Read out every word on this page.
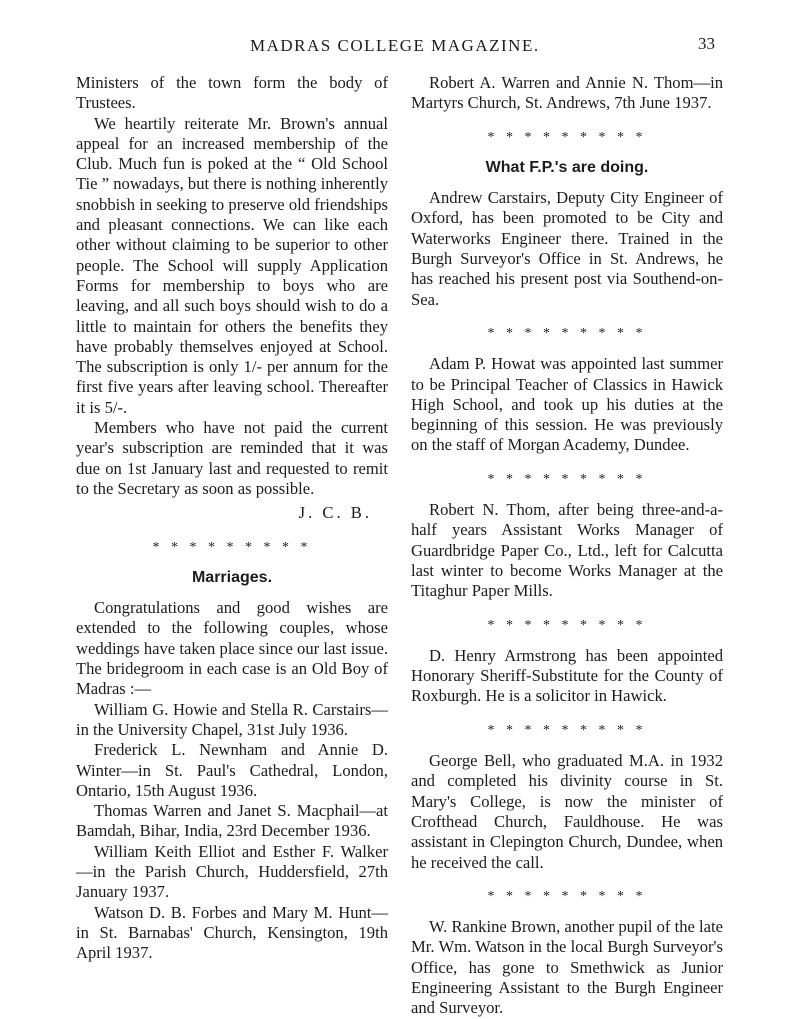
MADRAS COLLEGE MAGAZINE.	33

Ministers of the town form the body of Trustees.

We heartily reiterate Mr. Brown's annual appeal for an increased membership of the Club. Much fun is poked at the “ Old School Tie ” nowadays, but there is nothing inherently snobbish in seeking to preserve old friendships and pleasant connections. We can like each other without claiming to be superior to other people. The School will supply Application Forms for membership to boys who are leaving, and all such boys should wish to do a little to maintain for others the benefits they have probably themselves enjoyed at School. The subscription is only 1/- per annum for the first five years after leaving school. Thereafter it is 5/-.

Members who have not paid the current year's subscription are reminded that it was due on 1st January last and requested to remit to the Secretary as soon as possible.

J. C. B.
* * * * * * * * *
Marriages.

Congratulations and good wishes are extended to the following couples, whose weddings have taken place since our last issue. The bridegroom in each case is an Old Boy of Madras :—

William G. Howie and Stella R. Carstairs—in the University Chapel, 31st July 1936.

Frederick L. Newnham and Annie D. Winter—in St. Paul's Cathedral, London, Ontario, 15th August 1936.

Thomas Warren and Janet S. Macphail—at Bamdah, Bihar, India, 23rd December 1936.

William Keith Elliot and Esther F. Walker—in the Parish Church, Huddersfield, 27th January 1937.

Watson D. B. Forbes and Mary M. Hunt—in St. Barnabas' Church, Kensington, 19th April 1937.

Robert A. Warren and Annie N. Thom—in Martyrs Church, St. Andrews, 7th June 1937.

* * * * * * * * *
What F.P.'s are doing.

Andrew Carstairs, Deputy City Engineer of Oxford, has been promoted to be City and Waterworks Engineer there. Trained in the Burgh Surveyor's Office in St. Andrews, he has reached his present post via Southend-on-Sea.

* * * * * * * * *

Adam P. Howat was appointed last summer to be Principal Teacher of Classics in Hawick High School, and took up his duties at the beginning of this session. He was previously on the staff of Morgan Academy, Dundee.

* * * * * * * * *

Robert N. Thom, after being three-and-a-half years Assistant Works Manager of Guardbridge Paper Co., Ltd., left for Calcutta last winter to become Works Manager at the Titaghur Paper Mills.

* * * * * * * * *

D. Henry Armstrong has been appointed Honorary Sheriff-Substitute for the County of Roxburgh. He is a solicitor in Hawick.

* * * * * * * * *

George Bell, who graduated M.A. in 1932 and completed his divinity course in St. Mary's College, is now the minister of Crofthead Church, Fauldhouse. He was assistant in Clepington Church, Dundee, when he received the call.

* * * * * * * * *

W. Rankine Brown, another pupil of the late Mr. Wm. Watson in the local Burgh Surveyor's Office, has gone to Smethwick as Junior Engineering Assistant to the Burgh Engineer and Surveyor.
